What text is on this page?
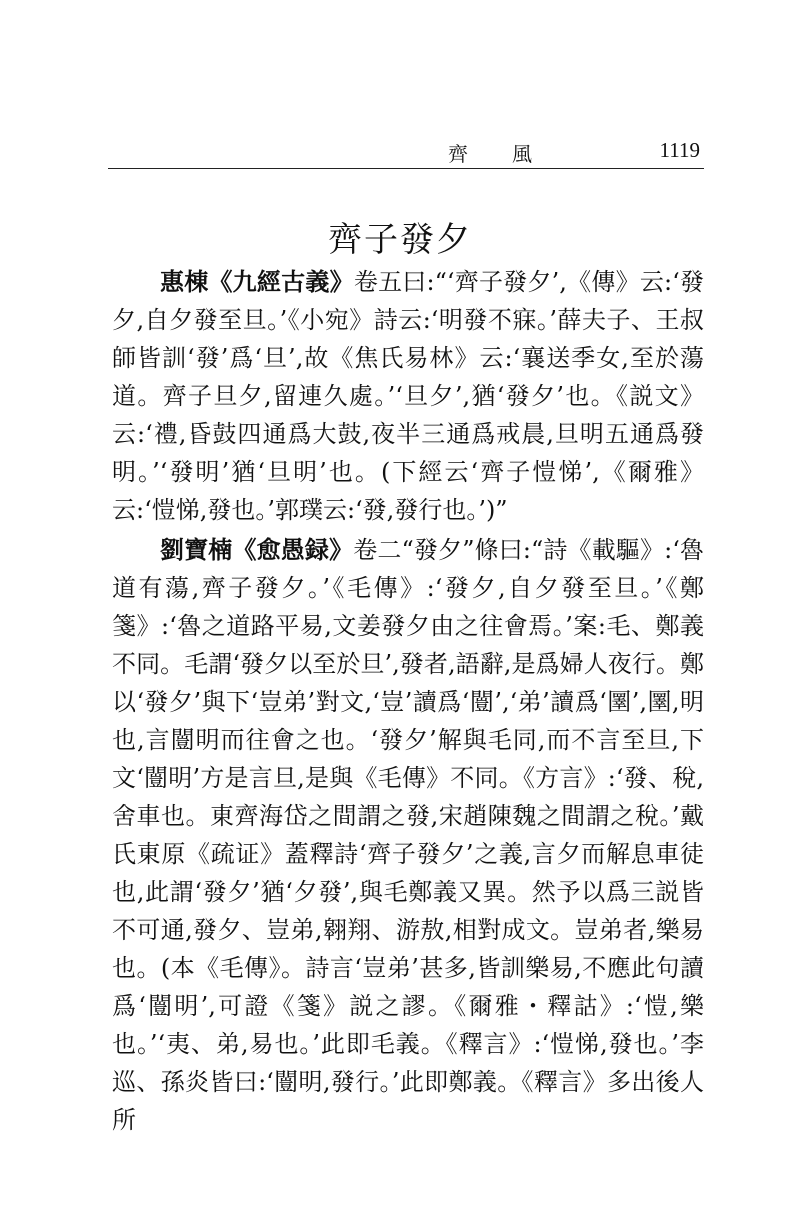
齊風	1119
齊子發夕

惠棟《九經古義》卷五曰:“‘齊子發夕’,《傳》云:‘發夕,自夕發至旦。’《小宛》詩云:‘明發不寐。’薛夫子、王叔師皆訓‘發’爲‘旦’,故《焦氏易林》云:‘襄送季女,至於蕩道。齊子旦夕,留連久處。’‘旦夕’,猶‘發夕’也。《説文》云:‘禮,昏鼓四通爲大鼓,夜半三通爲戒晨,旦明五通爲發明。’‘發明’猶‘旦明’也。(下經云‘齊子愷悌’,《爾雅》云:‘愷悌,發也。’郭璞云:‘發,發行也。’)”

劉寶楠《愈愚録》卷二“發夕”條曰:“詩《載驅》:‘魯道有蕩,齊子發夕。’《毛傳》:‘發夕,自夕發至旦。’《鄭箋》:‘魯之道路平易,文姜發夕由之往會焉。’案:毛、鄭義不同。毛謂‘發夕以至於旦’,發者,語辭,是爲婦人夜行。鄭以‘發夕’與下‘豈弟’對文,‘豈’讀爲‘闓’,‘弟’讀爲‘圛’,圛,明也,言闓明而往會之也。‘發夕’解與毛同,而不言至旦,下文‘闓明’方是言旦,是與《毛傳》不同。《方言》:‘發、稅,舍車也。東齊海岱之間謂之發,宋趙陳魏之間謂之稅。’戴氏東原《疏证》蓋釋詩‘齊子發夕’之義,言夕而解息車徒也,此謂‘發夕’猶‘夕發’,與毛鄭義又異。然予以爲三説皆不可通,發夕、豈弟,翱翔、游敖,相對成文。豈弟者,樂易也。(本《毛傳》。詩言‘豈弟’甚多,皆訓樂易,不應此句讀爲‘闓明’,可證《箋》説之謬。《爾雅・釋詁》:‘愷,樂也。’‘夷、弟,易也。’此即毛義。《釋言》:‘愷悌,發也。’李巡、孫炎皆曰:‘闓明,發行。’此即鄭義。《釋言》多出後人所
